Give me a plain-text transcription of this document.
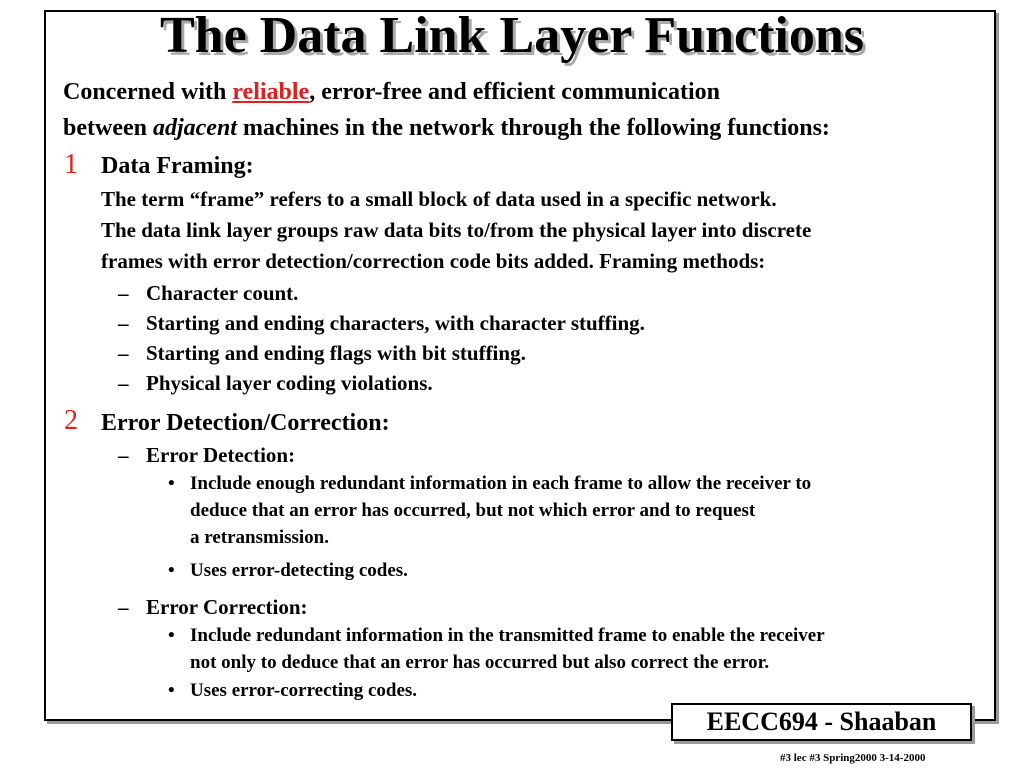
The Data Link Layer Functions
Concerned with reliable, error-free and efficient communication
between adjacent machines in the network through the following functions:
1 Data Framing:
The term “frame” refers to a small block of data used in a specific network.
The data link layer groups raw data bits to/from the physical layer into discrete
frames with error detection/correction code bits added. Framing methods:
– Character count.
– Starting and ending characters, with character stuffing.
– Starting and ending flags with bit stuffing.
– Physical layer coding violations.
2 Error Detection/Correction:
– Error Detection:
• Include enough redundant information in each frame to allow the receiver to
deduce that an error has occurred, but not which error and to request
a retransmission.
• Uses error-detecting codes.
– Error Correction:
• Include redundant information in the transmitted frame to enable the receiver
not only to deduce that an error has occurred but also correct the error.
• Uses error-correcting codes.
EECC694 - Shaaban
#3 lec #3 Spring2000 3-14-2000
